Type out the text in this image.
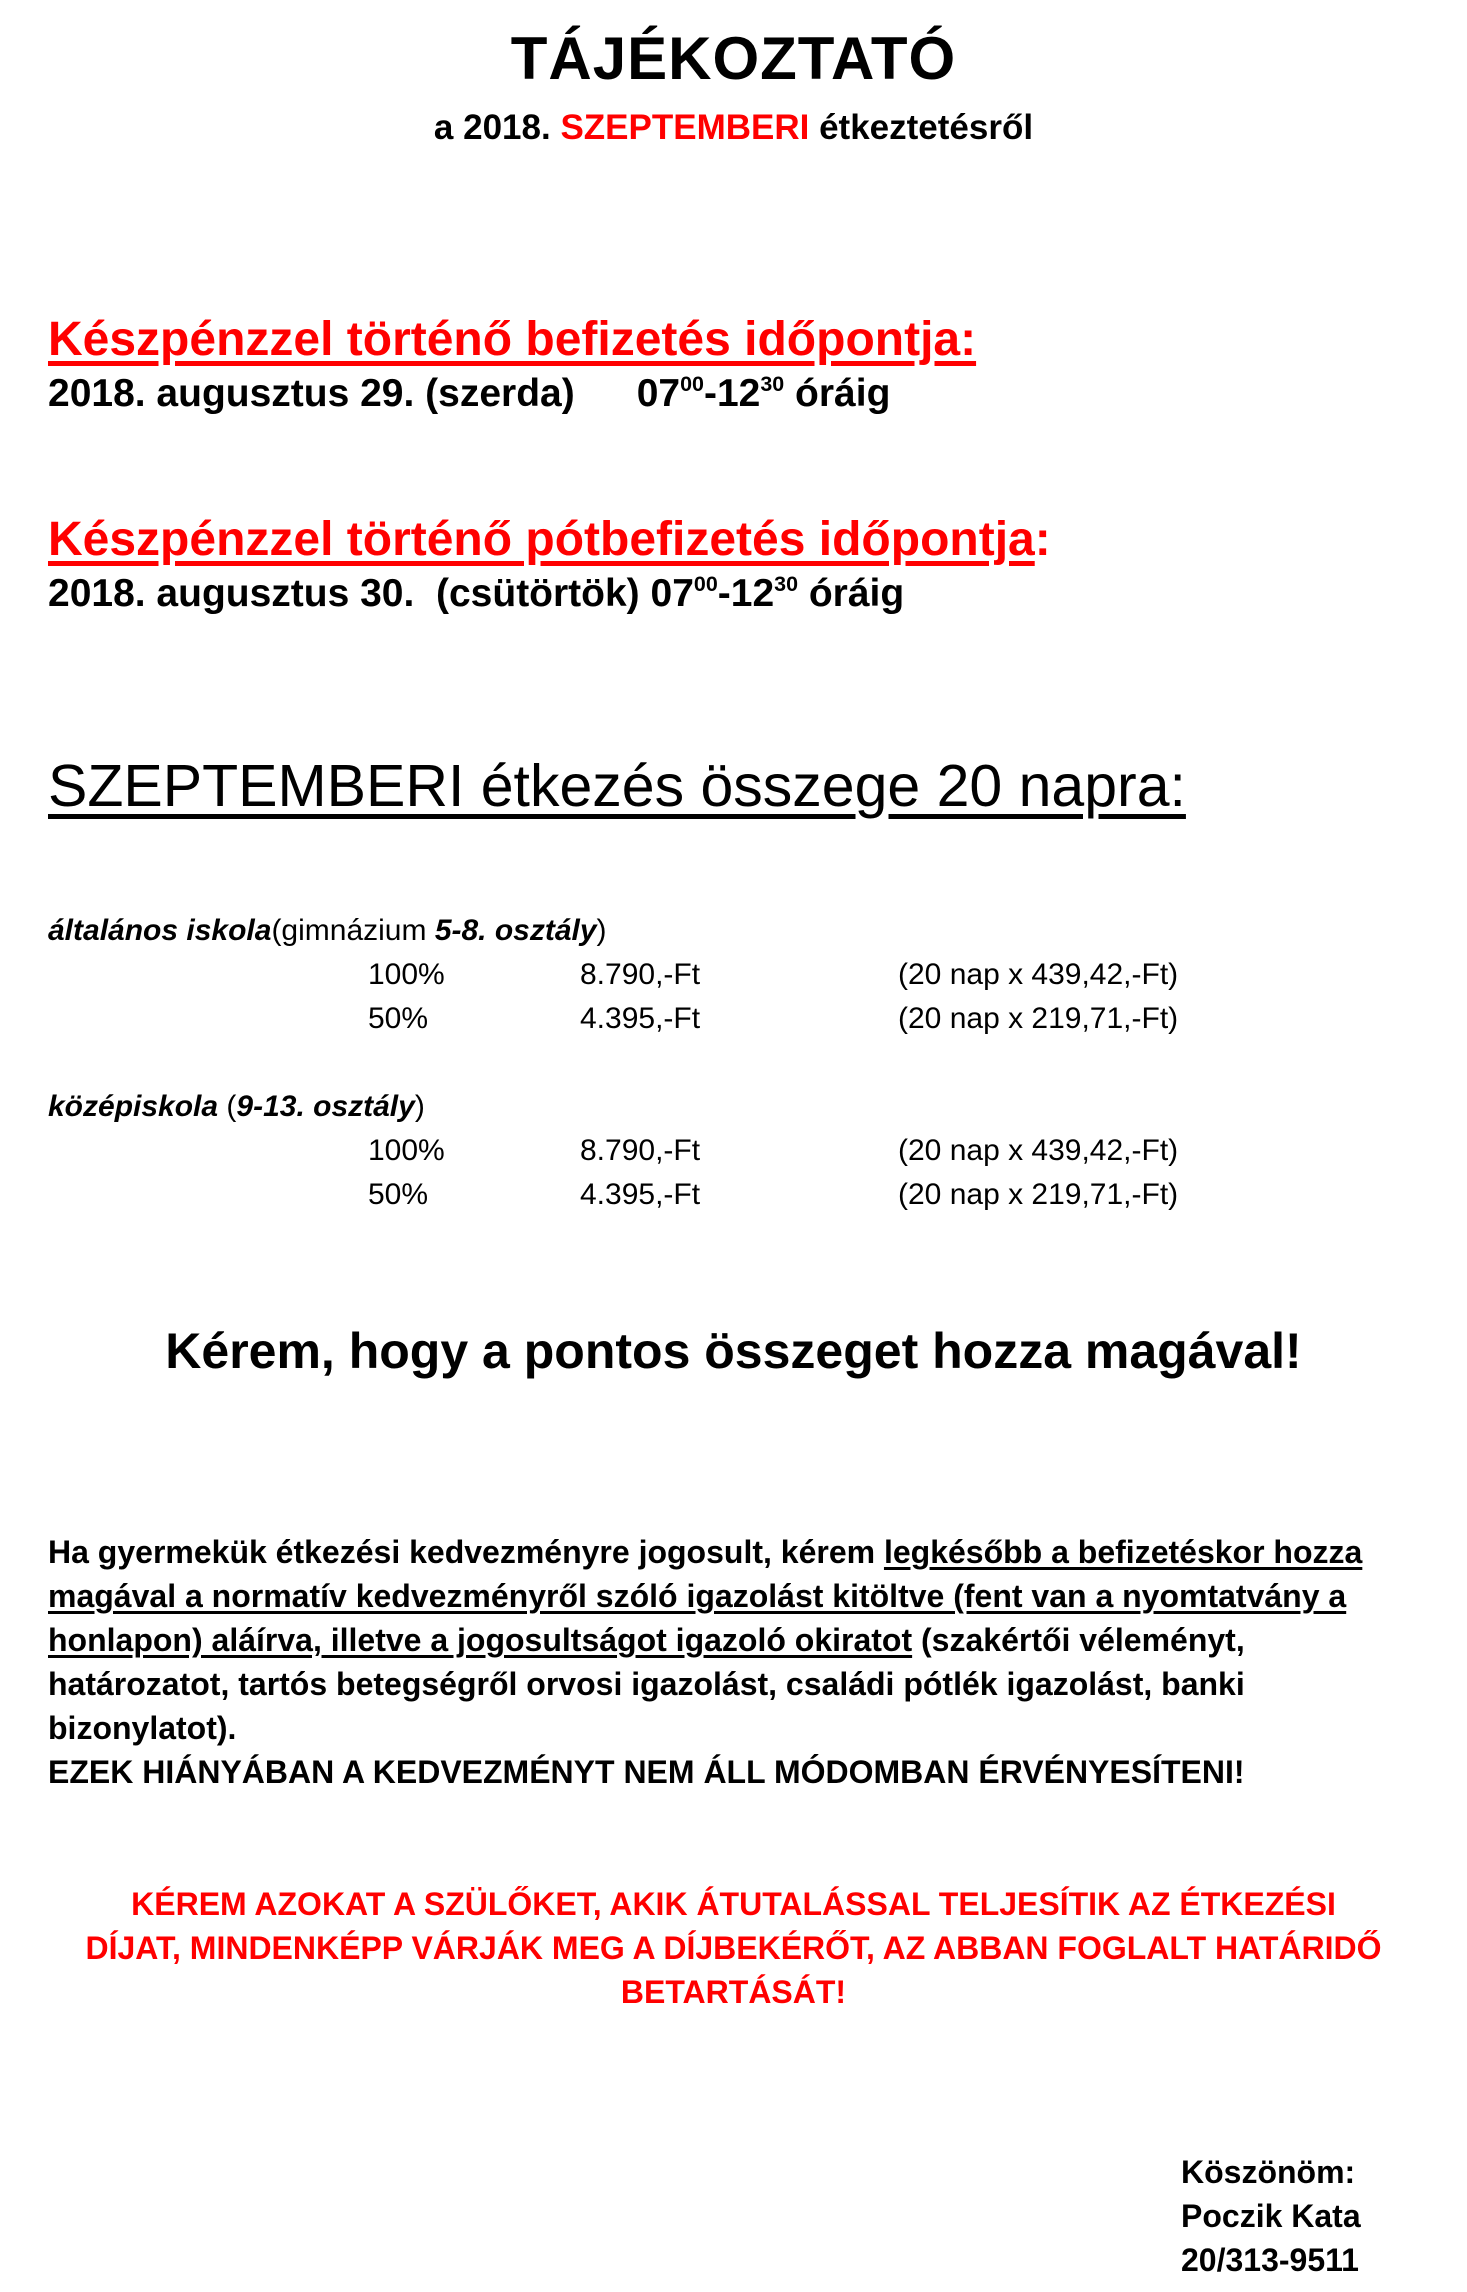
TÁJÉKOZTATÓ
a 2018. SZEPTEMBERI étkeztetésről
Készpénzzel történő befizetés időpontja:
2018. augusztus 29. (szerda) $07^{00}-12^{30}$ óráig
Készpénzzel történő pótbefizetés időpontja:
2018. augusztus 30.  (csütörtök) $07^{00}-12^{30}$ óráig
SZEPTEMBERI étkezés összege 20 napra:
általános iskola(gimnázium 5-8. osztály)
100%	8.790,-Ft	(20 nap x 439,42,-Ft)
50%	4.395,-Ft	(20 nap x 219,71,-Ft)
középiskola (9-13. osztály)
100%	8.790,-Ft	(20 nap x 439,42,-Ft)
50%	4.395,-Ft	(20 nap x 219,71,-Ft)
Kérem, hogy a pontos összeget hozza magával!
Ha gyermekük étkezési kedvezményre jogosult, kérem legkésőbb a befizetéskor hozza magával a normatív kedvezményről szóló igazolást kitöltve (fent van a nyomtatvány a honlapon) aláírva, illetve a jogosultságot igazoló okiratot (szakértői véleményt, határozatot, tartós betegségről orvosi igazolást, családi pótlék igazolást, banki bizonylatot).
EZEK HIÁNYÁBAN A KEDVEZMÉNYT NEM ÁLL MÓDOMBAN ÉRVÉNYESÍTENI!
KÉREM AZOKAT A SZÜLŐKET, AKIK ÁTUTALÁSSAL TELJESÍTIK AZ ÉTKEZÉSI
DÍJAT, MINDENKÉPP VÁRJÁK MEG A DÍJBEKÉRŐT, AZ ABBAN FOGLALT HATÁRIDŐ
BETARTÁSÁT!
Köszönöm:
Poczik Kata
20/313-9511
